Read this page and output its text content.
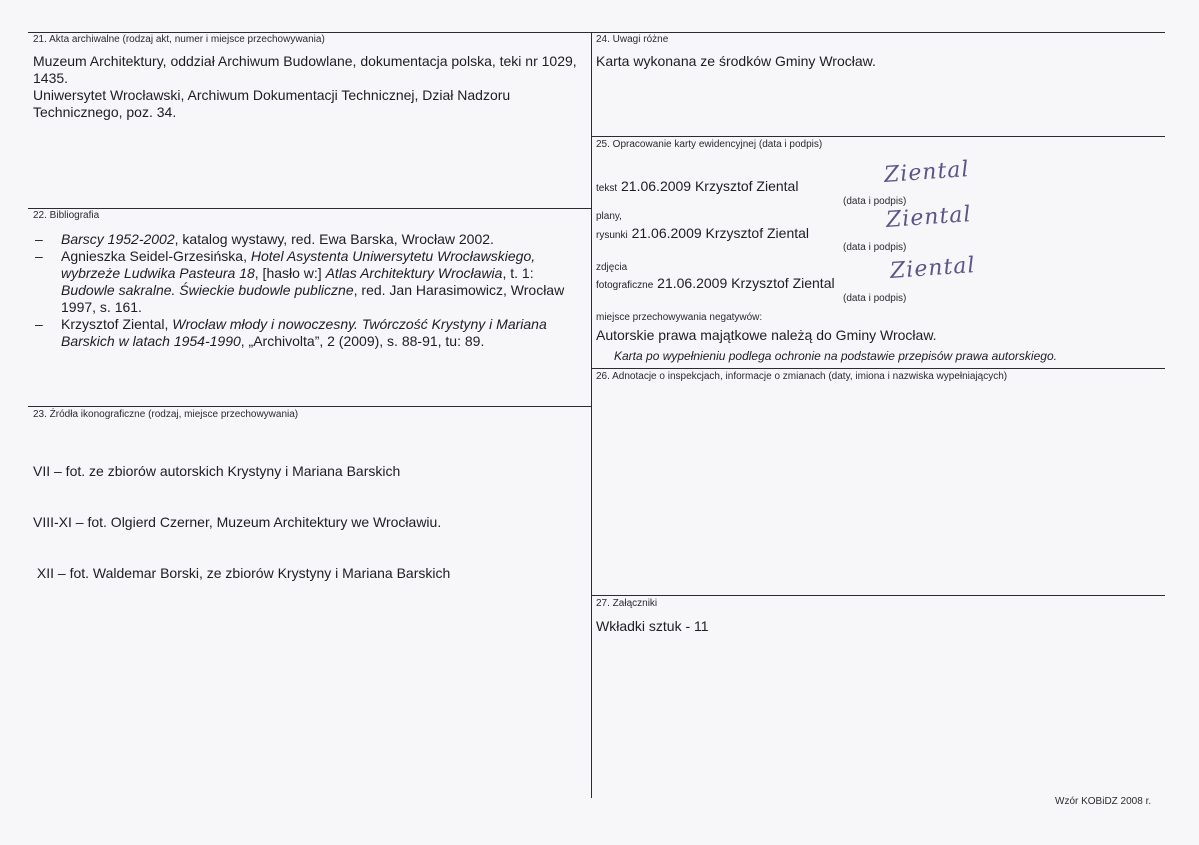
21. Akta archiwalne (rodzaj akt, numer i miejsce przechowywania)

Muzeum Architektury, oddział Archiwum Budowlane, dokumentacja polska, teki nr 1029, 1435.

Uniwersytet Wrocławski, Archiwum Dokumentacji Technicznej, Dział Nadzoru Technicznego, poz. 34.

22. Bibliografia
– Barscy 1952-2002, katalog wystawy, red. Ewa Barska, Wrocław 2002.
– Agnieszka Seidel-Grzesińska, Hotel Asystenta Uniwersytetu Wrocławskiego, wybrzeże Ludwika Pasteura 18, [hasło w:] Atlas Architektury Wrocławia, t. 1: Budowle sakralne. Świeckie budowle publiczne, red. Jan Harasimowicz, Wrocław 1997, s. 161.
– Krzysztof Ziental, Wrocław młody i nowoczesny. Twórczość Krystyny i Mariana Barskich w latach 1954-1990, „Archivolta”, 2 (2009), s. 88-91, tu: 89.
23. Źródła ikonograficzne (rodzaj, miejsce przechowywania)

VII – fot. ze zbiorów autorskich Krystyny i Mariana Barskich

VIII-XI – fot. Olgierd Czerner, Muzeum Architektury we Wrocławiu.

XII – fot. Waldemar Borski, ze zbiorów Krystyny i Mariana Barskich

24. Uwagi różne
Karta wykonana ze środków Gminy Wrocław.
25. Opracowanie karty ewidencyjnej (data i podpis)
tekst 21.06.2009 Krzysztof Ziental
(data i podpis)
Ziental
plany,
rysunki 21.06.2009 Krzysztof Ziental
(data i podpis)
Ziental
zdjęcia
fotograficzne 21.06.2009 Krzysztof Ziental
(data i podpis)
Ziental
miejsce przechowywania negatywów:
Autorskie prawa majątkowe należą do Gminy Wrocław.
Karta po wypełnieniu podlega ochronie na podstawie przepisów prawa autorskiego.
26. Adnotacje o inspekcjach, informacje o zmianach (daty, imiona i nazwiska wypełniających)
27. Załączniki
Wkładki sztuk - 11
Wzór KOBiDZ 2008 r.
